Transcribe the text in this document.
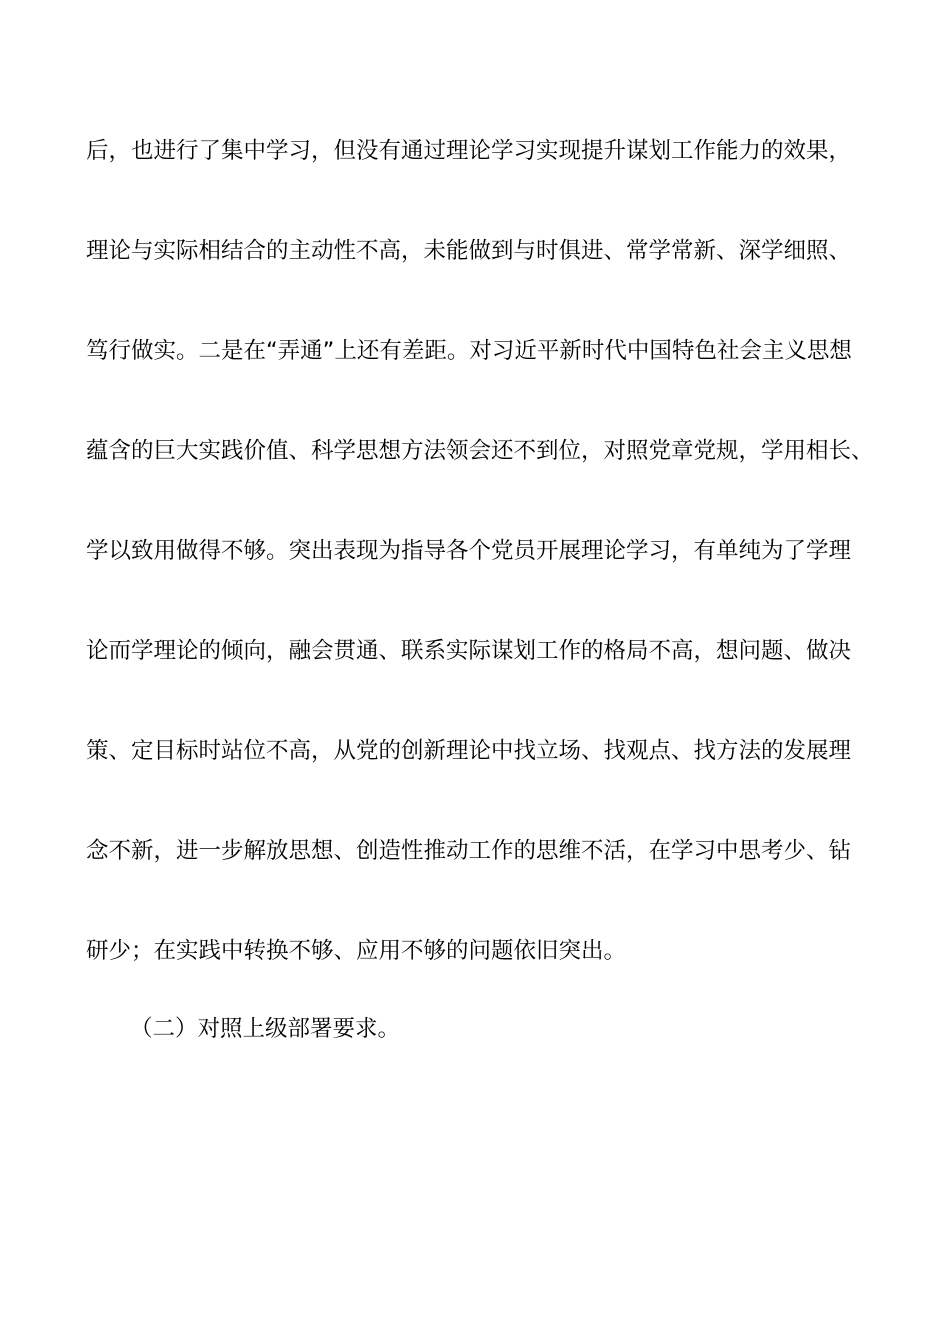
后，也进行了集中学习，但没有通过理论学习实现提升谋划工作能力的效果，
理论与实际相结合的主动性不高，未能做到与时俱进、常学常新、深学细照、
笃行做实。二是在“弄通”上还有差距。对习近平新时代中国特色社会主义思想
蕴含的巨大实践价值、科学思想方法领会还不到位，对照党章党规，学用相长、
学以致用做得不够。突出表现为指导各个党员开展理论学习，有单纯为了学理
论而学理论的倾向，融会贯通、联系实际谋划工作的格局不高，想问题、做决
策、定目标时站位不高，从党的创新理论中找立场、找观点、找方法的发展理
念不新，进一步解放思想、创造性推动工作的思维不活，在学习中思考少、钻
研少；在实践中转换不够、应用不够的问题依旧突出。
（二）对照上级部署要求。
